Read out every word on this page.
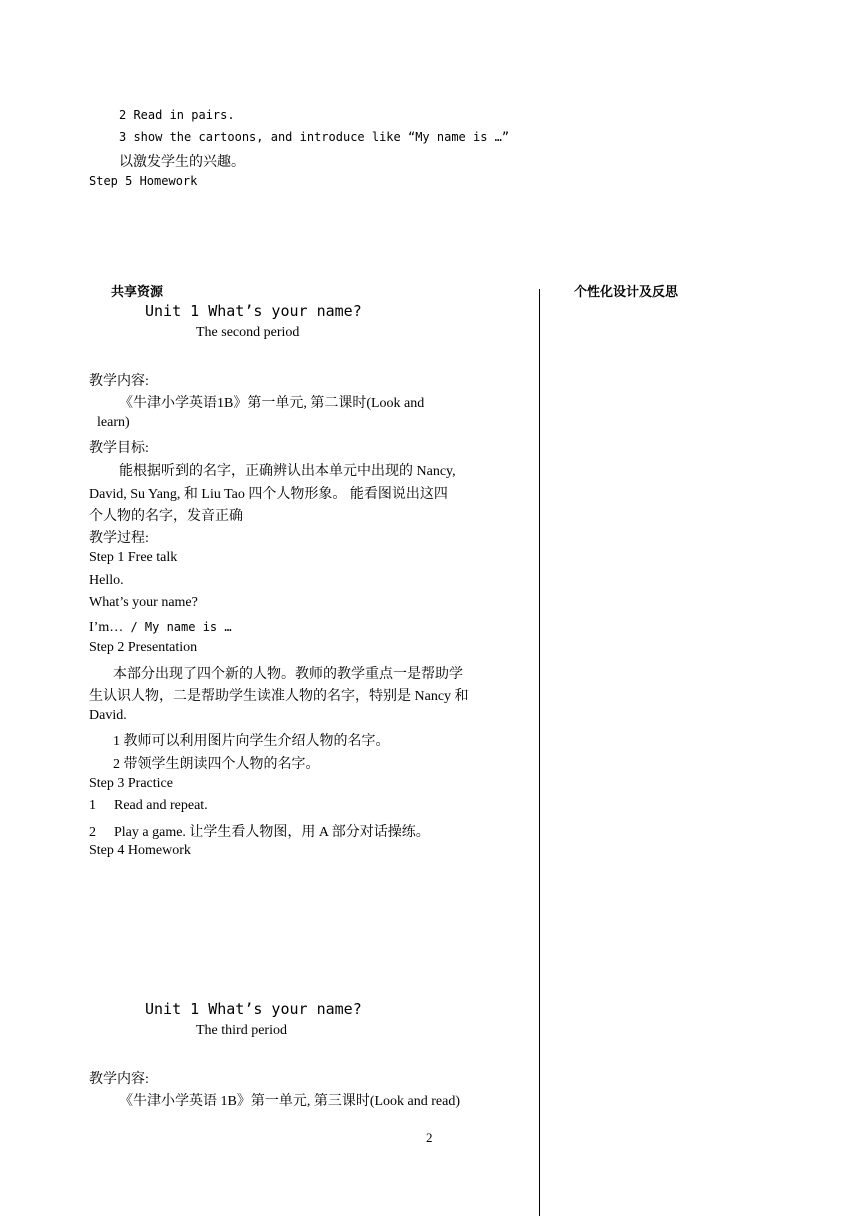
2 Read in pairs.
3 show the cartoons, and introduce like “My name is …”
以激发学生的兴趣。
Step 5 Homework
共享资源	个性化设计及反思
Unit 1 What’s your name?
The second period
教学内容:
《牛津小学英语1B》第一单元, 第二课时(Look and
learn)
教学目标:
能根据听到的名字，正确辨认出本单元中出现的 Nancy,
David, Su Yang, 和 Liu Tao 四个人物形象。 能看图说出这四
个人物的名字，发音正确
教学过程:
Step 1 Free talk
Hello.
What’s your name?
I’m… / My name is …
Step 2 Presentation
本部分出现了四个新的人物。教师的教学重点一是帮助学
生认识人物，二是帮助学生读准人物的名字，特别是 Nancy 和
David.
1 教师可以利用图片向学生介绍人物的名字。
2 带领学生朗读四个人物的名字。
Step 3 Practice
1 Read and repeat.
2 Play a game. 让学生看人物图，用 A 部分对话操练。
Step 4 Homework
Unit 1 What’s your name?
The third period
教学内容:
《牛津小学英语 1B》第一单元, 第三课时(Look and read)
2
